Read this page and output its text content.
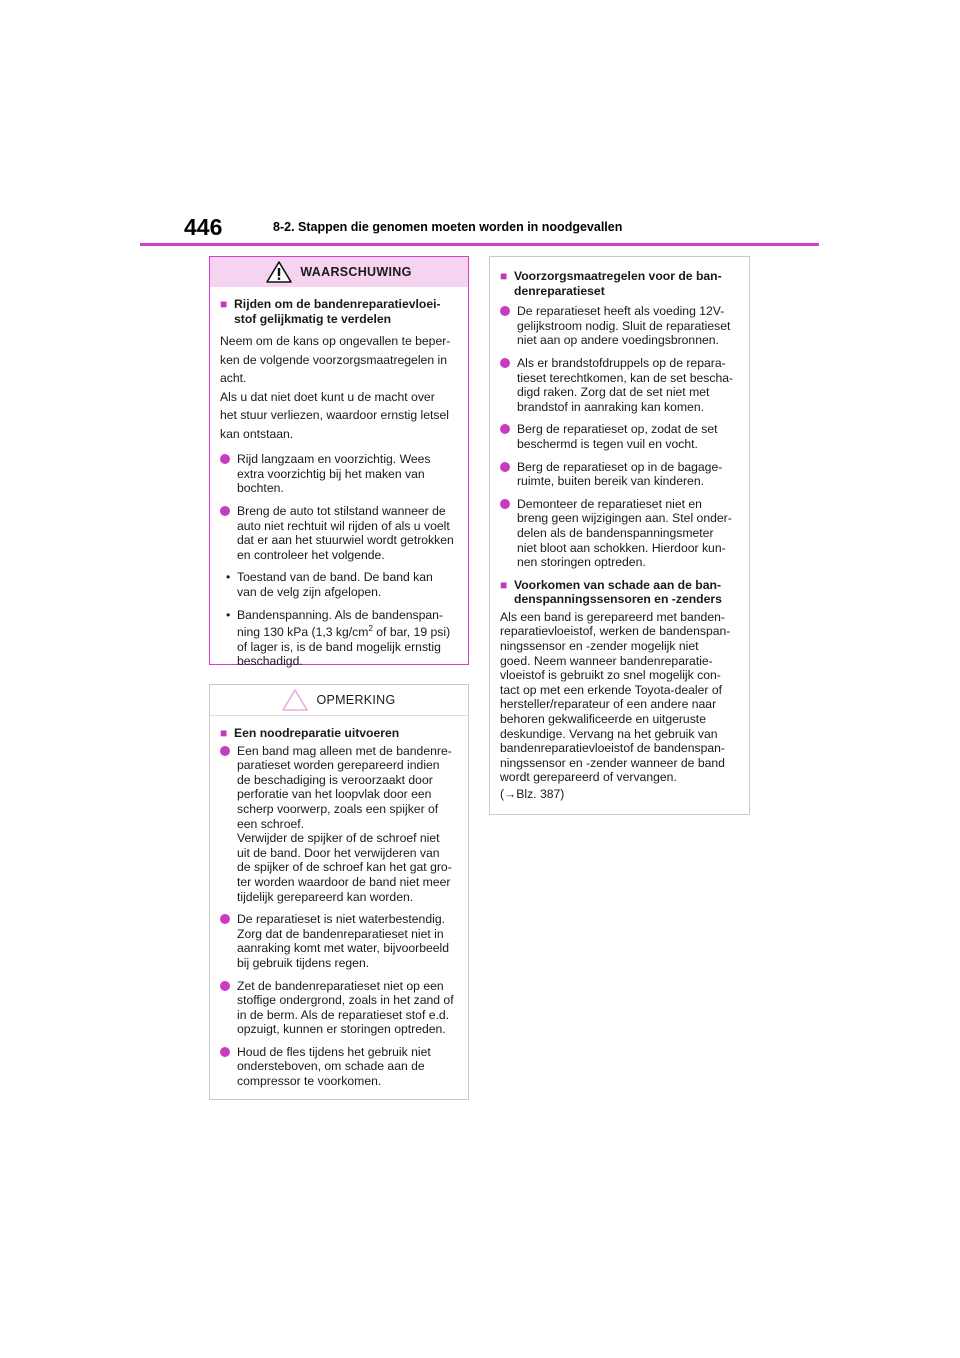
446	8-2. Stappen die genomen moeten worden in noodgevallen
WAARSCHUWING
■ Rijden om de bandenreparatievloei-
stof gelijkmatig te verdelen
Neem om de kans op ongevallen te beper-
ken de volgende voorzorgsmaatregelen in
acht.
Als u dat niet doet kunt u de macht over
het stuur verliezen, waardoor ernstig letsel
kan ontstaan.
Rijd langzaam en voorzichtig. Wees
extra voorzichtig bij het maken van
bochten.
Breng de auto tot stilstand wanneer de
auto niet rechtuit wil rijden of als u voelt
dat er aan het stuurwiel wordt getrokken
en controleer het volgende.
• Toestand van de band. De band kan
van de velg zijn afgelopen.
• Bandenspanning. Als de bandenspan-
ning 130 kPa (1,3 $kg/cm^2$ of bar, 19 psi)
of lager is, is de band mogelijk ernstig
beschadigd.
OPMERKING
■ Een noodreparatie uitvoeren
Een band mag alleen met de bandenre-
paratieset worden gerepareerd indien
de beschadiging is veroorzaakt door
perforatie van het loopvlak door een
scherp voorwerp, zoals een spijker of
een schroef.
Verwijder de spijker of de schroef niet
uit de band. Door het verwijderen van
de spijker of de schroef kan het gat gro-
ter worden waardoor de band niet meer
tijdelijk gerepareerd kan worden.
De reparatieset is niet waterbestendig.
Zorg dat de bandenreparatieset niet in
aanraking komt met water, bijvoorbeeld
bij gebruik tijdens regen.
Zet de bandenreparatieset niet op een
stoffige ondergrond, zoals in het zand of
in de berm. Als de reparatieset stof e.d.
opzuigt, kunnen er storingen optreden.
Houd de fles tijdens het gebruik niet
ondersteboven, om schade aan de
compressor te voorkomen.
■ Voorzorgsmaatregelen voor de ban-
denreparatieset
De reparatieset heeft als voeding 12V-
gelijkstroom nodig. Sluit de reparatieset
niet aan op andere voedingsbronnen.
Als er brandstofdruppels op de repara-
tieset terechtkomen, kan de set bescha-
digd raken. Zorg dat de set niet met
brandstof in aanraking kan komen.
Berg de reparatieset op, zodat de set
beschermd is tegen vuil en vocht.
Berg de reparatieset op in de bagage-
ruimte, buiten bereik van kinderen.
Demonteer de reparatieset niet en
breng geen wijzigingen aan. Stel onder-
delen als de bandenspanningsmeter
niet bloot aan schokken. Hierdoor kun-
nen storingen optreden.
■ Voorkomen van schade aan de ban-
denspanningssensoren en -zenders
Als een band is gerepareerd met banden-
reparatievloeistof, werken de bandenspan-
ningssensor en -zender mogelijk niet
goed. Neem wanneer bandenreparatie-
vloeistof is gebruikt zo snel mogelijk con-
tact op met een erkende Toyota-dealer of
hersteller/reparateur of een andere naar
behoren gekwalificeerde en uitgeruste
deskundige. Vervang na het gebruik van
bandenreparatievloeistof de bandenspan-
ningssensor en -zender wanneer de band
wordt gerepareerd of vervangen.
(→Blz. 387)
